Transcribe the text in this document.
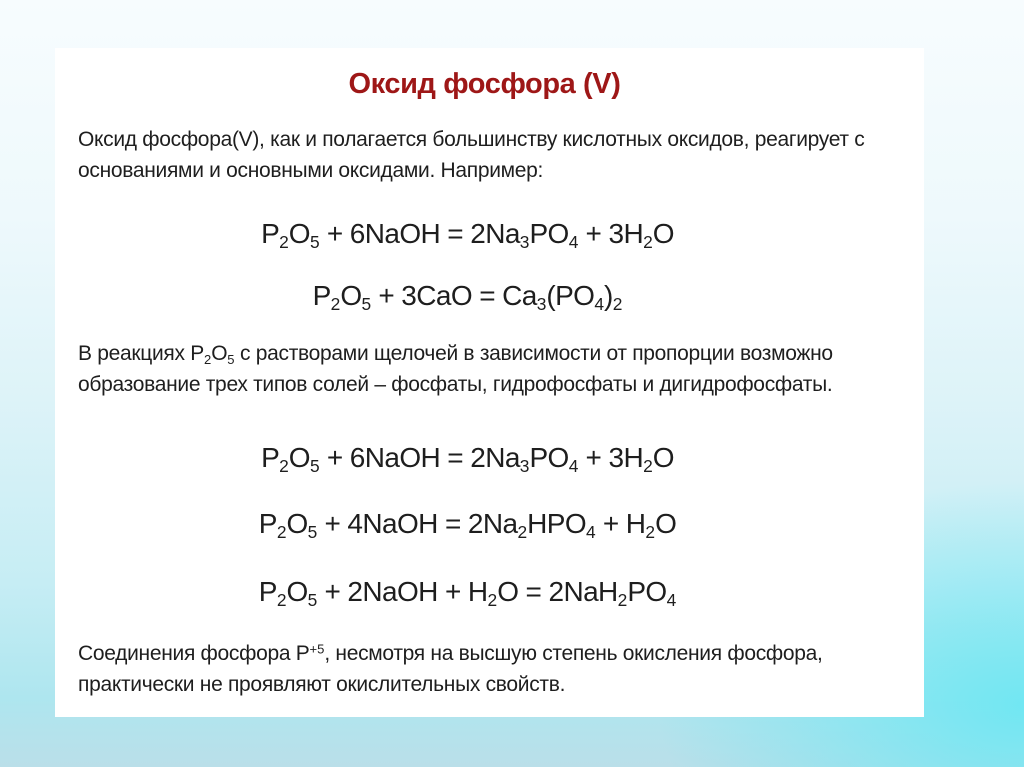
Оксид фосфора (V)

Оксид фосфора(V), как и полагается большинству кислотных оксидов, реагирует с основаниями и основными оксидами. Например:

$P_2O_5$ + 6NaOH = $2Na_3PO_4 + 3H_2O$
$P_2O_5 + 3CaO = Ca_3(PO_4)_2$

В реакциях $P_2O_5$ с растворами щелочей в зависимости от пропорции возможно образование трех типов солей – фосфаты, гидрофосфаты и дигидрофосфаты.

$P_2O_5$ + 6NaOH = $2Na_3PO_4 + 3H_2O$
$P_2O_5$ + 4NaOH = $2Na_2HPO_4 + H_2O$
$P_2O_5$ + 2NaOH + $H_2O = 2NaH_2PO_4$

Соединения фосфора $P^{+5}$, несмотря на высшую степень окисления фосфора, практически не проявляют окислительных свойств.
